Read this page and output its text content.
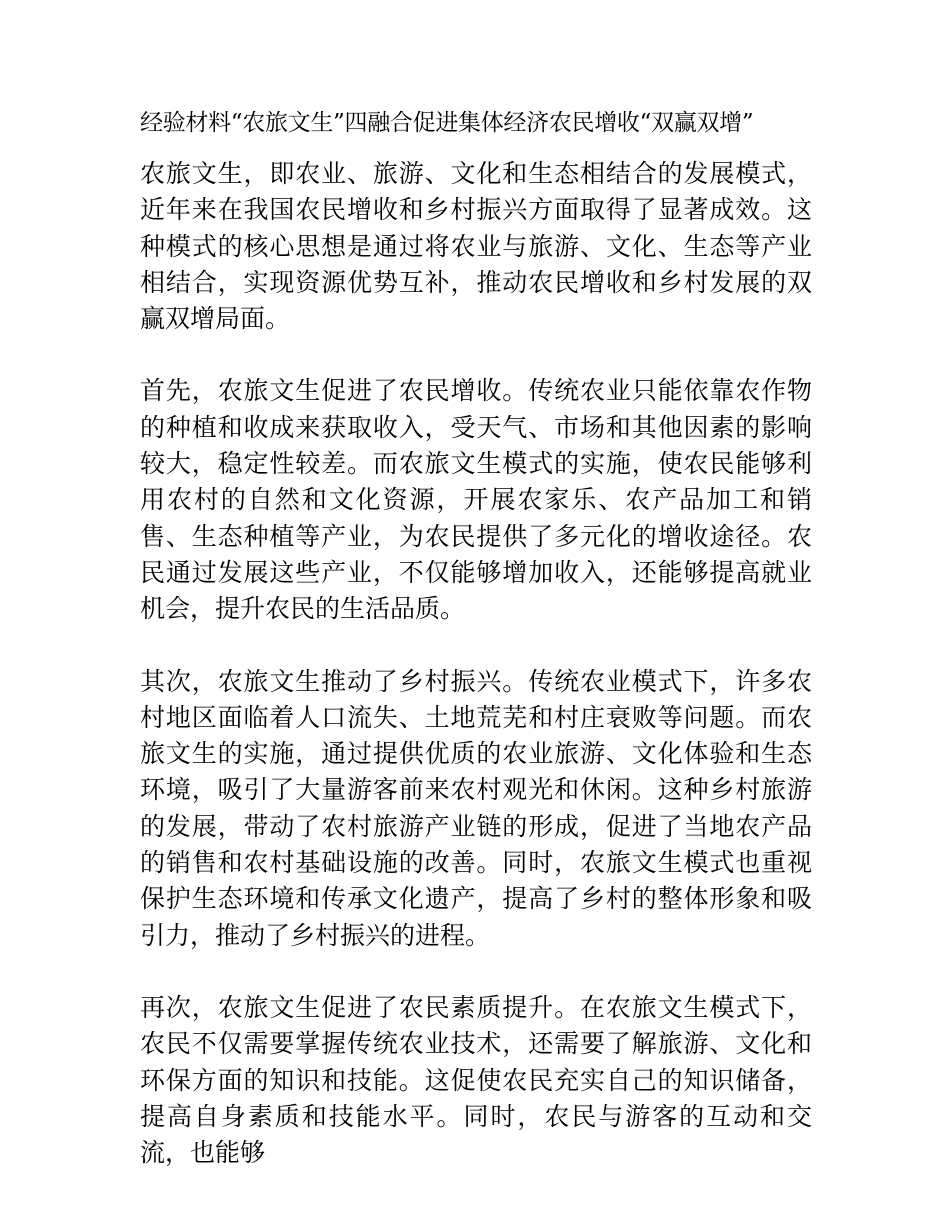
经验材料“农旅文生”四融合促进集体经济农民增收“双赢双增”

农旅文生，即农业、旅游、文化和生态相结合的发展模式，近年来在我国农民增收和乡村振兴方面取得了显著成效。这种模式的核心思想是通过将农业与旅游、文化、生态等产业相结合，实现资源优势互补，推动农民增收和乡村发展的双赢双增局面。

首先，农旅文生促进了农民增收。传统农业只能依靠农作物的种植和收成来获取收入，受天气、市场和其他因素的影响较大，稳定性较差。而农旅文生模式的实施，使农民能够利用农村的自然和文化资源，开展农家乐、农产品加工和销售、生态种植等产业，为农民提供了多元化的增收途径。农民通过发展这些产业，不仅能够增加收入，还能够提高就业机会，提升农民的生活品质。

其次，农旅文生推动了乡村振兴。传统农业模式下，许多农村地区面临着人口流失、土地荒芜和村庄衰败等问题。而农旅文生的实施，通过提供优质的农业旅游、文化体验和生态环境，吸引了大量游客前来农村观光和休闲。这种乡村旅游的发展，带动了农村旅游产业链的形成，促进了当地农产品的销售和农村基础设施的改善。同时，农旅文生模式也重视保护生态环境和传承文化遗产，提高了乡村的整体形象和吸引力，推动了乡村振兴的进程。

再次，农旅文生促进了农民素质提升。在农旅文生模式下，农民不仅需要掌握传统农业技术，还需要了解旅游、文化和环保方面的知识和技能。这促使农民充实自己的知识储备，提高自身素质和技能水平。同时，农民与游客的互动和交流，也能够
